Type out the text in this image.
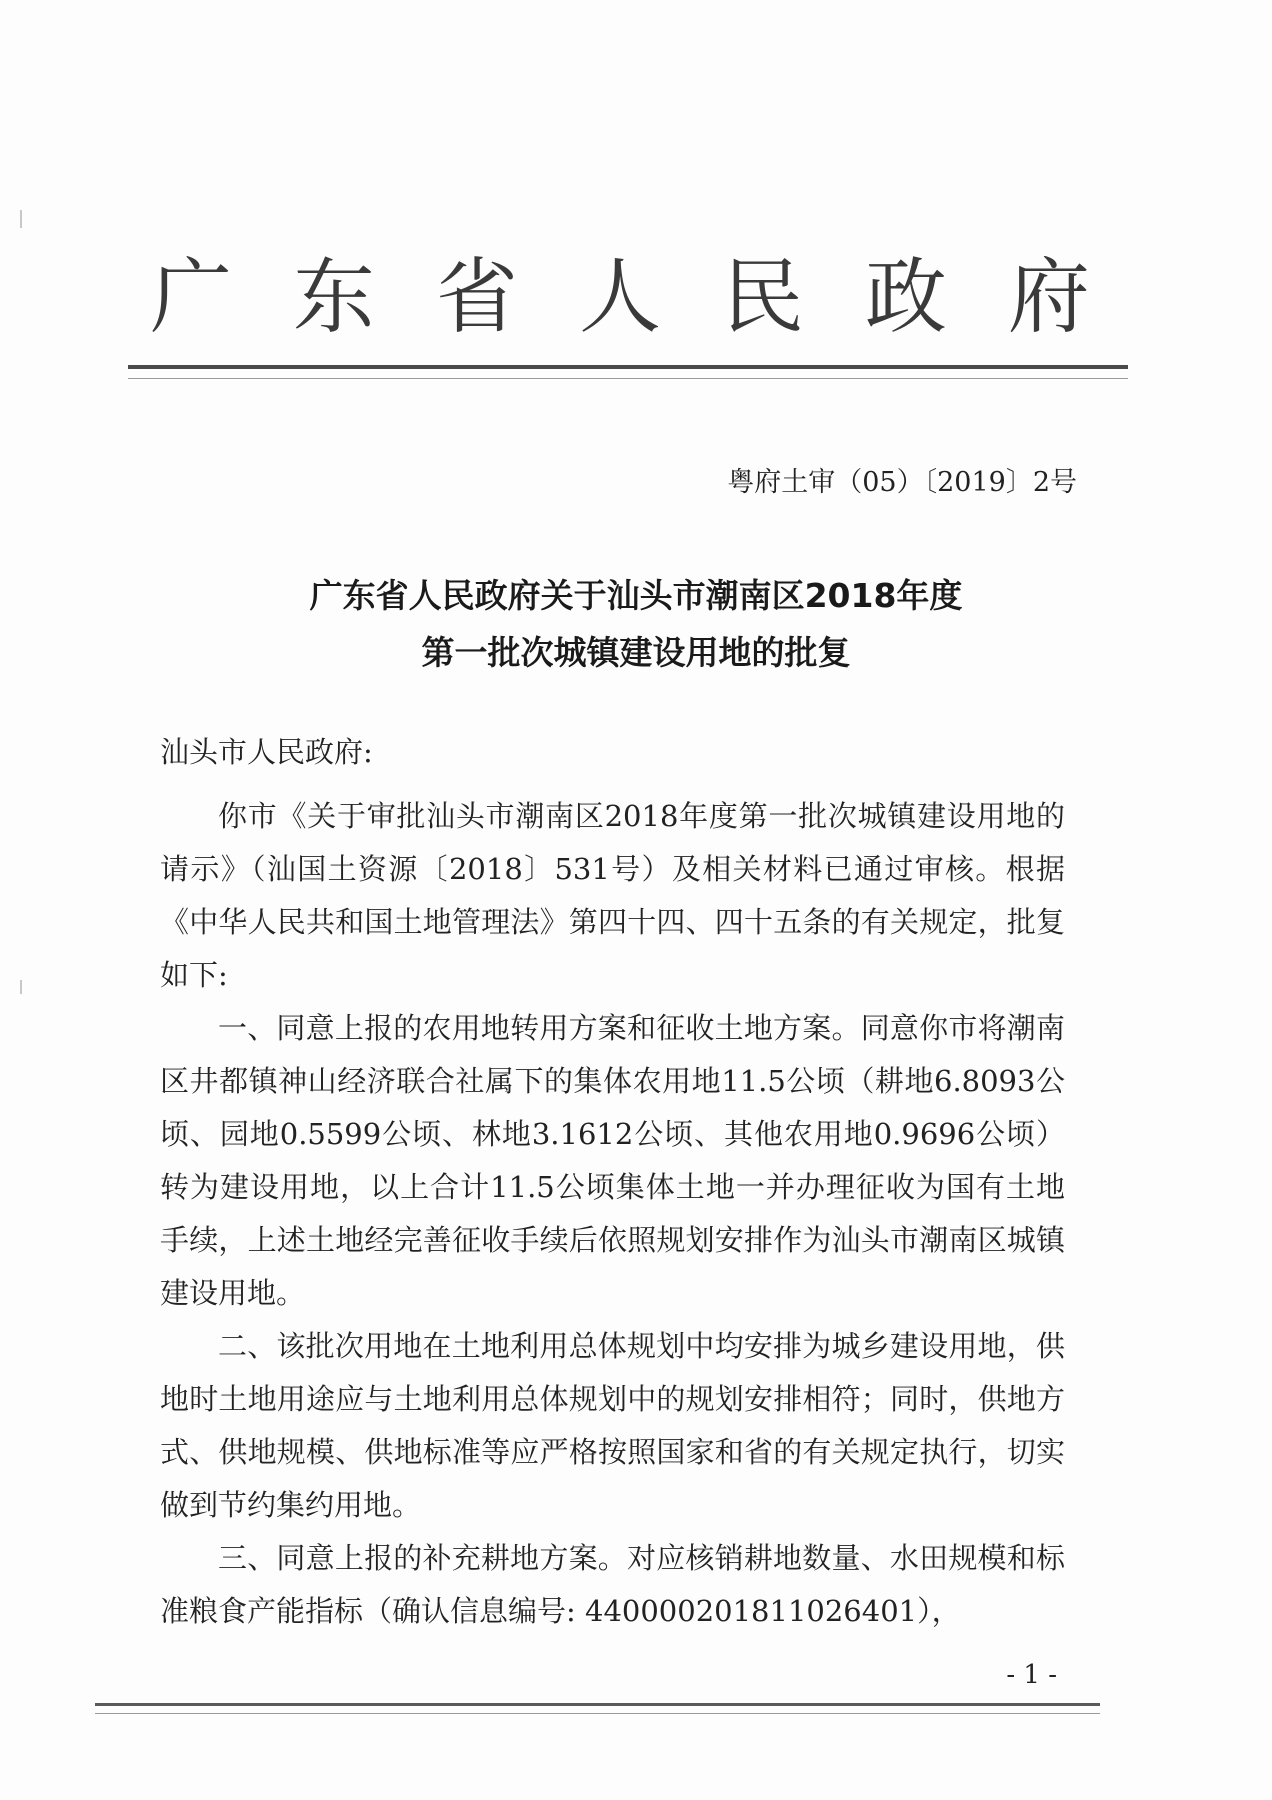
广 东 省 人 民 政 府
粤府土审（05）〔2019〕2号
广东省人民政府关于汕头市潮南区2018年度
第一批次城镇建设用地的批复
汕头市人民政府:

你市《关于审批汕头市潮南区2018年度第一批次城镇建设用地的请示》（汕国土资源〔2018〕531号）及相关材料已通过审核。根据《中华人民共和国土地管理法》第四十四、四十五条的有关规定，批复如下:

一、同意上报的农用地转用方案和征收土地方案。同意你市将潮南区井都镇神山经济联合社属下的集体农用地11.5公顷（耕地6.8093公顷、园地0.5599公顷、林地3.1612公顷、其他农用地0.9696公顷）转为建设用地，以上合计11.5公顷集体土地一并办理征收为国有土地手续，上述土地经完善征收手续后依照规划安排作为汕头市潮南区城镇建设用地。

二、该批次用地在土地利用总体规划中均安排为城乡建设用地，供地时土地用途应与土地利用总体规划中的规划安排相符；同时，供地方式、供地规模、供地标准等应严格按照国家和省的有关规定执行，切实做到节约集约用地。

三、同意上报的补充耕地方案。对应核销耕地数量、水田规模和标准粮食产能指标（确认信息编号: 440000201811026401），

- 1 -
